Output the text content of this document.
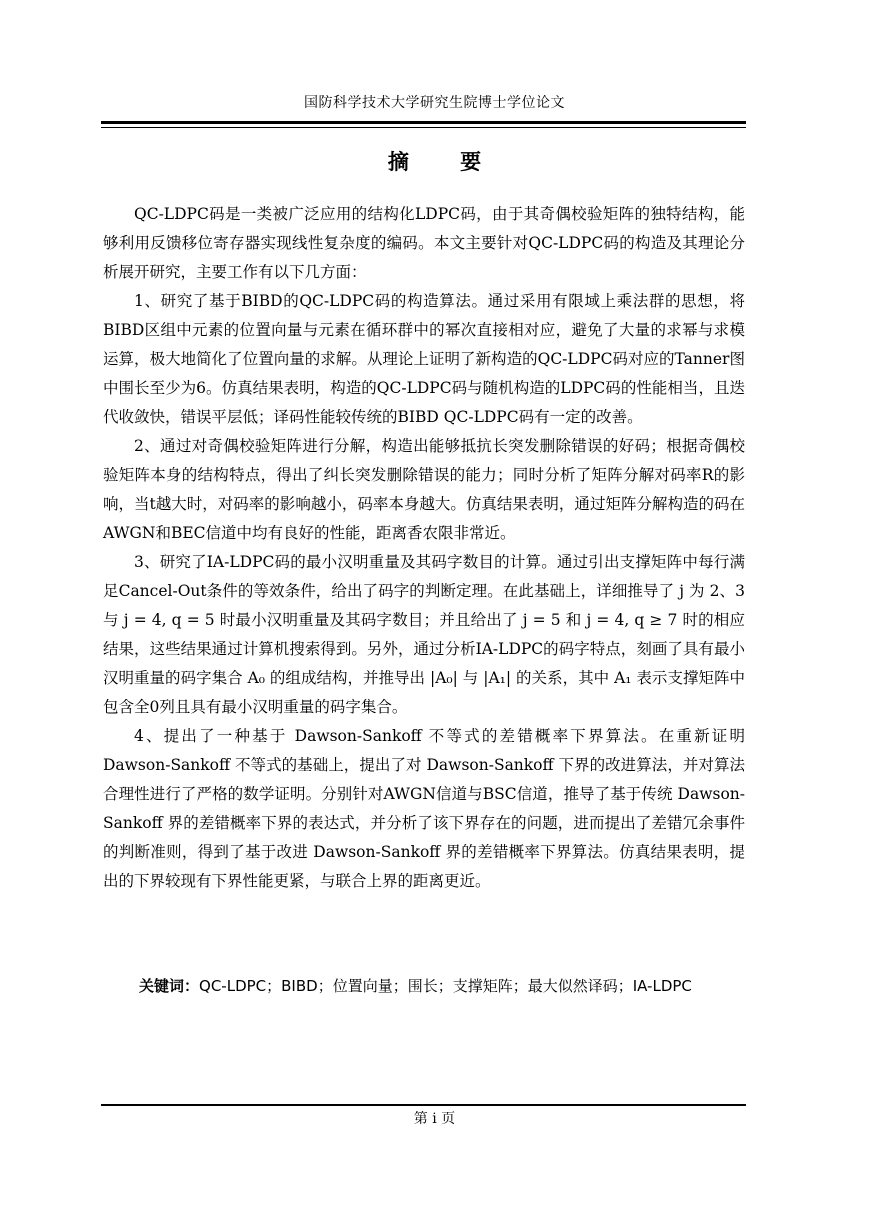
国防科学技术大学研究生院博士学位论文
摘 要

QC-LDPC码是一类被广泛应用的结构化LDPC码，由于其奇偶校验矩阵的独特结构，能够利用反馈移位寄存器实现线性复杂度的编码。本文主要针对QC-LDPC码的构造及其理论分析展开研究，主要工作有以下几方面：

1、研究了基于BIBD的QC-LDPC码的构造算法。通过采用有限域上乘法群的思想，将BIBD区组中元素的位置向量与元素在循环群中的幂次直接相对应，避免了大量的求幂与求模运算，极大地简化了位置向量的求解。从理论上证明了新构造的QC-LDPC码对应的Tanner图中围长至少为6。仿真结果表明，构造的QC-LDPC码与随机构造的LDPC码的性能相当，且迭代收敛快，错误平层低；译码性能较传统的BIBD QC-LDPC码有一定的改善。

2、通过对奇偶校验矩阵进行分解，构造出能够抵抗长突发删除错误的好码；根据奇偶校验矩阵本身的结构特点，得出了纠长突发删除错误的能力；同时分析了矩阵分解对码率R的影响，当t越大时，对码率的影响越小，码率本身越大。仿真结果表明，通过矩阵分解构造的码在AWGN和BEC信道中均有良好的性能，距离香农限非常近。

3、研究了IA-LDPC码的最小汉明重量及其码字数目的计算。通过引出支撑矩阵中每行满足Cancel-Out条件的等效条件，给出了码字的判断定理。在此基础上，详细推导了 j 为 2、3 与 j = 4, q = 5 时最小汉明重量及其码字数目；并且给出了 j = 5 和 j = 4, q ≥ 7 时的相应结果，这些结果通过计算机搜索得到。另外，通过分析IA-LDPC的码字特点，刻画了具有最小汉明重量的码字集合 A₀ 的组成结构，并推导出 |A₀| 与 |A₁| 的关系，其中 A₁ 表示支撑矩阵中包含全0列且具有最小汉明重量的码字集合。

4、提出了一种基于 Dawson-Sankoff 不等式的差错概率下界算法。在重新证明 Dawson-Sankoff 不等式的基础上，提出了对 Dawson-Sankoff 下界的改进算法，并对算法合理性进行了严格的数学证明。分别针对AWGN信道与BSC信道，推导了基于传统 Dawson-Sankoff 界的差错概率下界的表达式，并分析了该下界存在的问题，进而提出了差错冗余事件的判断准则，得到了基于改进 Dawson-Sankoff 界的差错概率下界算法。仿真结果表明，提出的下界较现有下界性能更紧，与联合上界的距离更近。

关键词：QC-LDPC；BIBD；位置向量；围长；支撑矩阵；最大似然译码；IA-LDPC
第 i 页
